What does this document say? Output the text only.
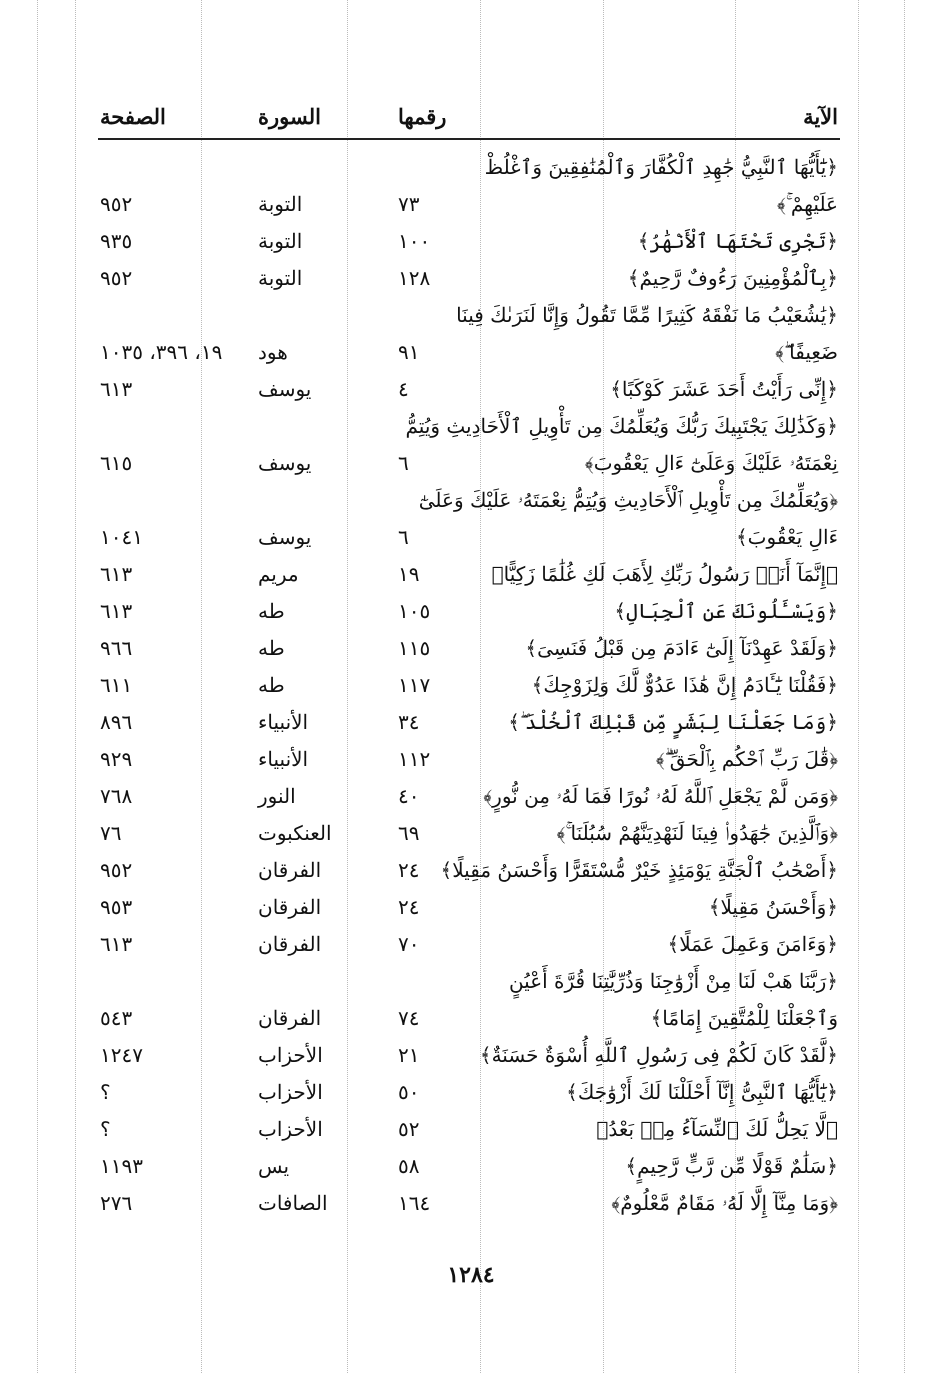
الآية
رقمها
السورة
الصفحة
﴿يَٰٓأَيُّهَا ٱلنَّبِيُّ جَٰهِدِ ٱلْكُفَّارَ وَٱلْمُنَٰفِقِينَ وَٱغْلُظْ
عَلَيْهِمْ ۚ﴾
٧٣
التوبة
٩٥٢
﴿تَجْرِى تَحْتَهَا ٱلْأَنْهَٰرُ﴾
١٠٠
التوبة
٩٣٥
﴿بِٱلْمُؤْمِنِينَ رَءُوفٌ رَّحِيمٌ﴾
١٢٨
التوبة
٩٥٢
﴿يَٰشُعَيْبُ مَا نَفْقَهُ كَثِيرًا مِّمَّا تَقُولُ وَإِنَّا لَنَرَىٰكَ فِينَا
ضَعِيفًا ۖ﴾
٩١
هود
١٩، ٣٩٦، ١٠٣٥
﴿إِنِّى رَأَيْتُ أَحَدَ عَشَرَ كَوْكَبًا﴾
٤
يوسف
٦١٣
﴿وَكَذَٰلِكَ يَجْتَبِيكَ رَبُّكَ وَيُعَلِّمُكَ مِن تَأْوِيلِ ٱلْأَحَادِيثِ وَيُتِمُّ
نِعْمَتَهُۥ عَلَيْكَ وَعَلَىٰٓ ءَالِ يَعْقُوبَ﴾
٦
يوسف
٦١٥
﴿وَيُعَلِّمُكَ مِن تَأْوِيلِ ٱلْأَحَادِيثِ وَيُتِمُّ نِعْمَتَهُۥ عَلَيْكَ وَعَلَىٰٓ
ءَالِ يَعْقُوبَ﴾
٦
يوسف
١٠٤١
﴿إِنَّمَآ أَنَا۠ رَسُولُ رَبِّكِ لِأَهَبَ لَكِ غُلَٰمًا زَكِيًّا﴾
١٩
مريم
٦١٣
﴿وَيَسْـَٔلُونَكَ عَنِ ٱلْجِبَالِ﴾
١٠٥
طه
٦١٣
﴿وَلَقَدْ عَهِدْنَآ إِلَىٰٓ ءَادَمَ مِن قَبْلُ فَنَسِىَ﴾
١١٥
طه
٩٦٦
﴿فَقُلْنَا يَٰٓـَٔادَمُ إِنَّ هَٰذَا عَدُوٌّ لَّكَ وَلِزَوْجِكَ﴾
١١٧
طه
٦١١
﴿وَمَا جَعَلْنَا لِبَشَرٍ مِّن قَبْلِكَ ٱلْخُلْدَ ۖ﴾
٣٤
الأنبياء
٨٩٦
﴿قَٰلَ رَبِّ ٱحْكُم بِٱلْحَقِّ ۗ﴾
١١٢
الأنبياء
٩٢٩
﴿وَمَن لَّمْ يَجْعَلِ ٱللَّهُ لَهُۥ نُورًا فَمَا لَهُۥ مِن نُّورٍ﴾
٤٠
النور
٧٦٨
﴿وَٱلَّذِينَ جَٰهَدُوا۟ فِينَا لَنَهْدِيَنَّهُمْ سُبُلَنَا ۚ﴾
٦٩
العنكبوت
٧٦
﴿أَصْحَٰبُ ٱلْجَنَّةِ يَوْمَئِذٍ خَيْرٌ مُّسْتَقَرًّا وَأَحْسَنُ مَقِيلًا﴾
٢٤
الفرقان
٩٥٢
﴿وَأَحْسَنُ مَقِيلًا﴾
٢٤
الفرقان
٩٥٣
﴿وَءَامَنَ وَعَمِلَ عَمَلًا﴾
٧٠
الفرقان
٦١٣
﴿رَبَّنَا هَبْ لَنَا مِنْ أَزْوَٰجِنَا وَذُرِّيَّٰتِنَا قُرَّةَ أَعْيُنٍ
وَٱجْعَلْنَا لِلْمُتَّقِينَ إِمَامًا﴾
٧٤
الفرقان
٥٤٣
﴿لَّقَدْ كَانَ لَكُمْ فِى رَسُولِ ٱللَّهِ أُسْوَةٌ حَسَنَةٌ﴾
٢١
الأحزاب
١٢٤٧
﴿يَٰٓأَيُّهَا ٱلنَّبِىُّ إِنَّآ أَحْلَلْنَا لَكَ أَزْوَٰجَكَ﴾
٥٠
الأحزاب
؟
﴿لَّا يَحِلُّ لَكَ ٱلنِّسَآءُ مِنۢ بَعْدُ﴾
٥٢
الأحزاب
؟
﴿سَلَٰمٌ قَوْلًا مِّن رَّبٍّ رَّحِيمٍ﴾
٥٨
يس
١١٩٣
﴿وَمَا مِنَّآ إِلَّا لَهُۥ مَقَامٌ مَّعْلُومٌ﴾
١٦٤
الصافات
٢٧٦
١٢٨٤
